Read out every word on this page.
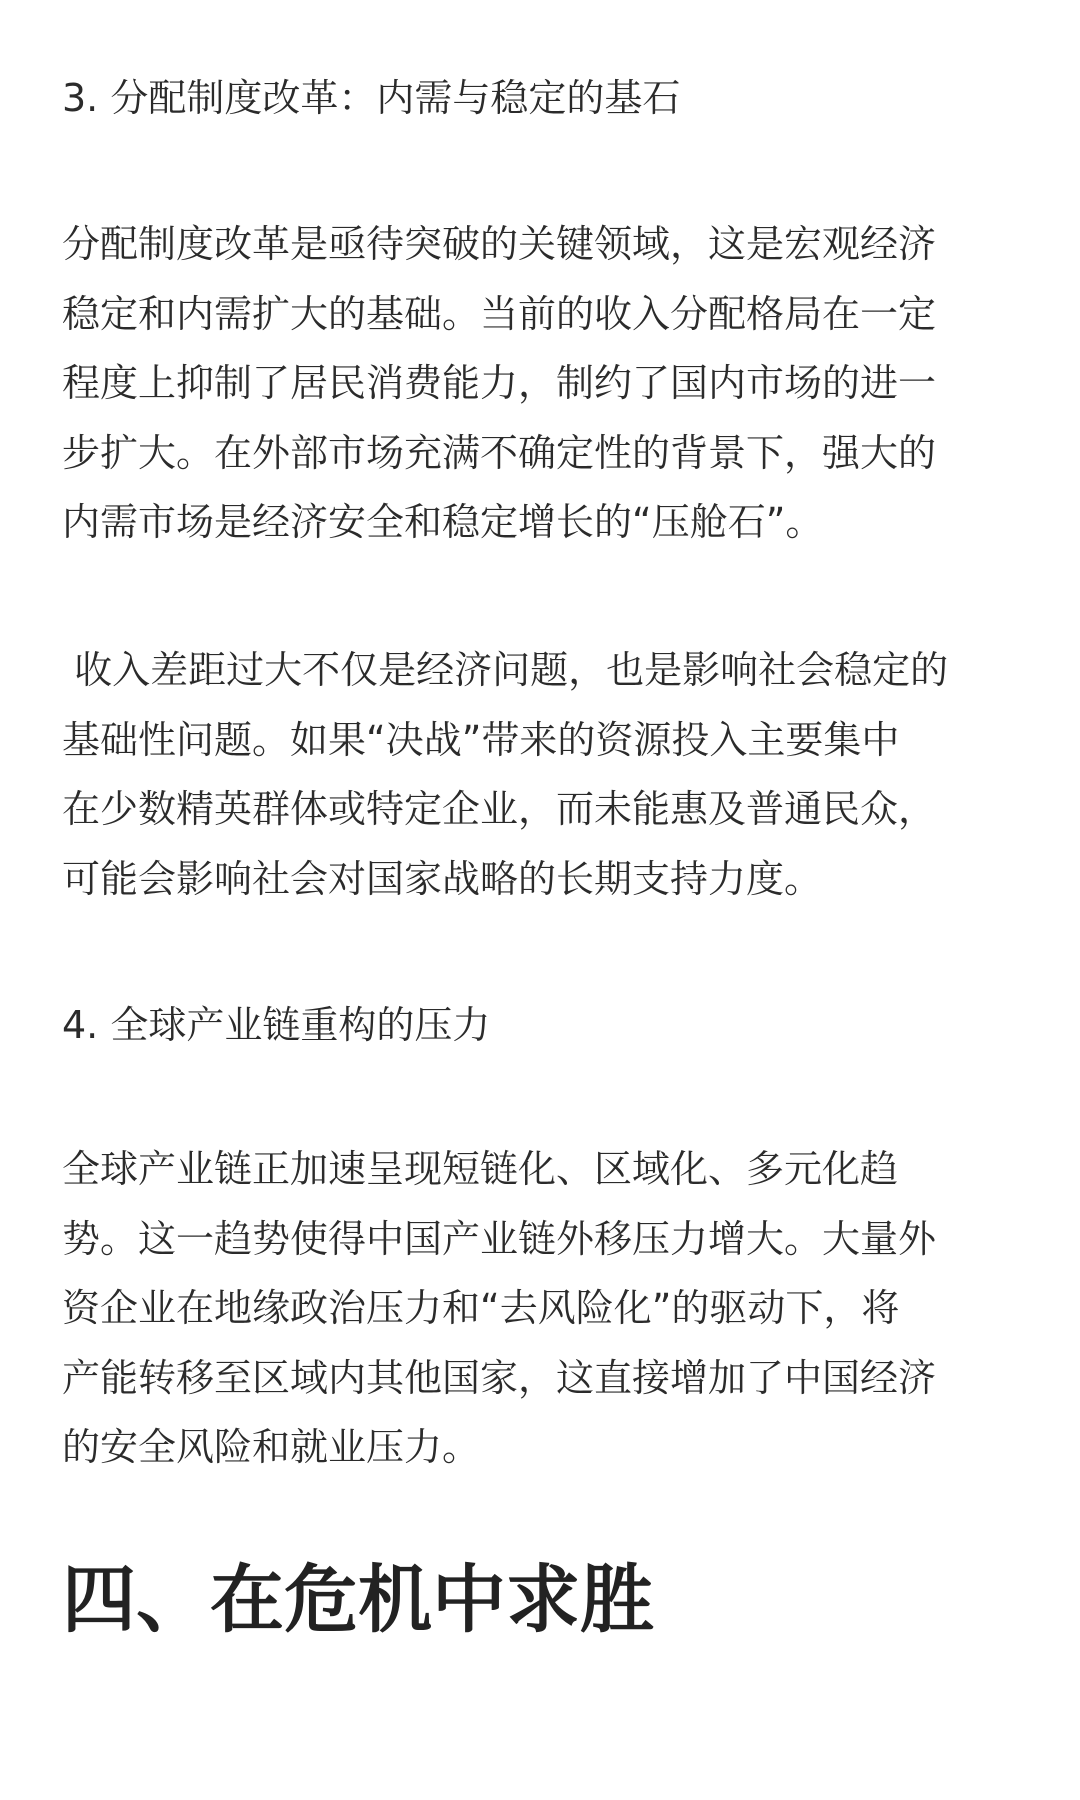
3. 分配制度改革：内需与稳定的基石

分配制度改革是亟待突破的关键领域，这是宏观经济
稳定和内需扩大的基础。当前的收入分配格局在一定
程度上抑制了居民消费能力，制约了国内市场的进一
步扩大。在外部市场充满不确定性的背景下，强大的
内需市场是经济安全和稳定增长的“压舱石”。

收入差距过大不仅是经济问题，也是影响社会稳定的
基础性问题。如果“决战”带来的资源投入主要集中
在少数精英群体或特定企业，而未能惠及普通民众，
可能会影响社会对国家战略的长期支持力度。

4. 全球产业链重构的压力

全球产业链正加速呈现短链化、区域化、多元化趋
势。这一趋势使得中国产业链外移压力增大。大量外
资企业在地缘政治压力和“去风险化”的驱动下，将
产能转移至区域内其他国家，这直接增加了中国经济
的安全风险和就业压力。

四、在危机中求胜
